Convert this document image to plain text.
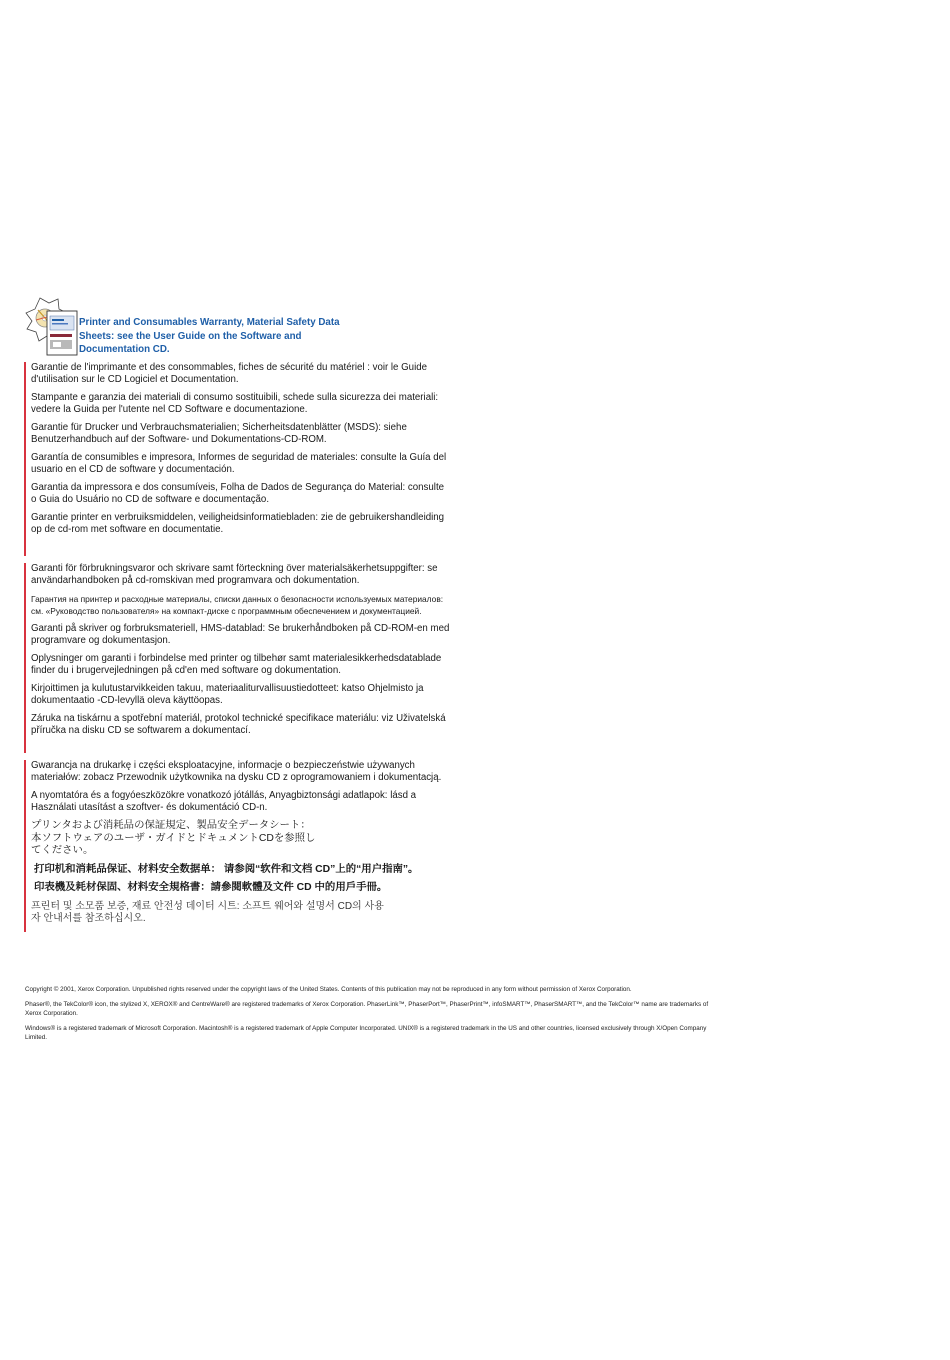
Printer and Consumables Warranty, Material Safety Data Sheets: see the User Guide on the Software and Documentation CD.

Garantie de l'imprimante et des consommables, fiches de sécurité du matériel : voir le Guide d'utilisation sur le CD Logiciel et Documentation.

Stampante e garanzia dei materiali di consumo sostituibili, schede sulla sicurezza dei materiali: vedere la Guida per l'utente nel CD Software e documentazione.

Garantie für Drucker und Verbrauchsmaterialien; Sicherheitsdatenblätter (MSDS): siehe Benutzerhandbuch auf der Software- und Dokumentations-CD-ROM.

Garantía de consumibles e impresora, Informes de seguridad de materiales: consulte la Guía del usuario en el CD de software y documentación.

Garantia da impressora e dos consumíveis, Folha de Dados de Segurança do Material: consulte o Guia do Usuário no CD de software e documentação.

Garantie printer en verbruiksmiddelen, veiligheidsinformatiebladen: zie de gebruikershandleiding op de cd-rom met software en documentatie.

Garanti för förbrukningsvaror och skrivare samt förteckning över materialsäkerhetsuppgifter: se användarhandboken på cd-romskivan med programvara och dokumentation.

Гарантия на принтер и расходные материалы, списки данных о безопасности используемых материалов: см. «Руководство пользователя» на компакт-диске с программным обеспечением и документацией.

Garanti på skriver og forbruksmateriell, HMS-datablad: Se brukerhåndboken på CD-ROM-en med programvare og dokumentasjon.

Oplysninger om garanti i forbindelse med printer og tilbehør samt materialesikkerhedsdatablade finder du i brugervejledningen på cd'en med software og dokumentation.

Kirjoittimen ja kulutustarvikkeiden takuu, materiaaliturvallisuustiedotteet: katso Ohjelmisto ja dokumentaatio -CD-levyllä oleva käyttöopas.

Záruka na tiskárnu a spotřební materiál, protokol technické specifikace materiálu: viz Uživatelská příručka na disku CD se softwarem a dokumentací.

Gwarancja na drukarkę i części eksploatacyjne, informacje o bezpieczeństwie używanych materiałów: zobacz Przewodnik użytkownika na dysku CD z oprogramowaniem i dokumentacją.

A nyomtatóra és a fogyóeszközökre vonatkozó jótállás, Anyagbiztonsági adatlapok: lásd a Használati utasítást a szoftver- és dokumentáció CD-n.

プリンタおよび消耗品の保証規定、製品安全データシート：本ソフトウェアのユーザ・ガイドとドキュメントCDを参照してください。

打印机和消耗品保证、材料安全数据单： 请参阅“软件和文档 CD”上的“用户指南”。

印表機及耗材保固、材料安全規格書：請參閱軟體及文件 CD 中的用戶手冊。

프린터 및 소모품 보증, 재료 안전성 데이터 시트: 소프트 웨어와 설명서 CD의 사용자 안내서를 참조하십시오.

Copyright © 2001, Xerox Corporation. Unpublished rights reserved under the copyright laws of the United States. Contents of this publication may not be reproduced in any form without permission of Xerox Corporation.

Phaser®, the TekColor® icon, the stylized X, XEROX® and CentreWare® are registered trademarks of Xerox Corporation. PhaserLink™, PhaserPort™, PhaserPrint™, infoSMART™, PhaserSMART™, and the TekColor™ name are trademarks of Xerox Corporation.

Windows® is a registered trademark of Microsoft Corporation. Macintosh® is a registered trademark of Apple Computer Incorporated. UNIX® is a registered trademark in the US and other countries, licensed exclusively through X/Open Company Limited.
